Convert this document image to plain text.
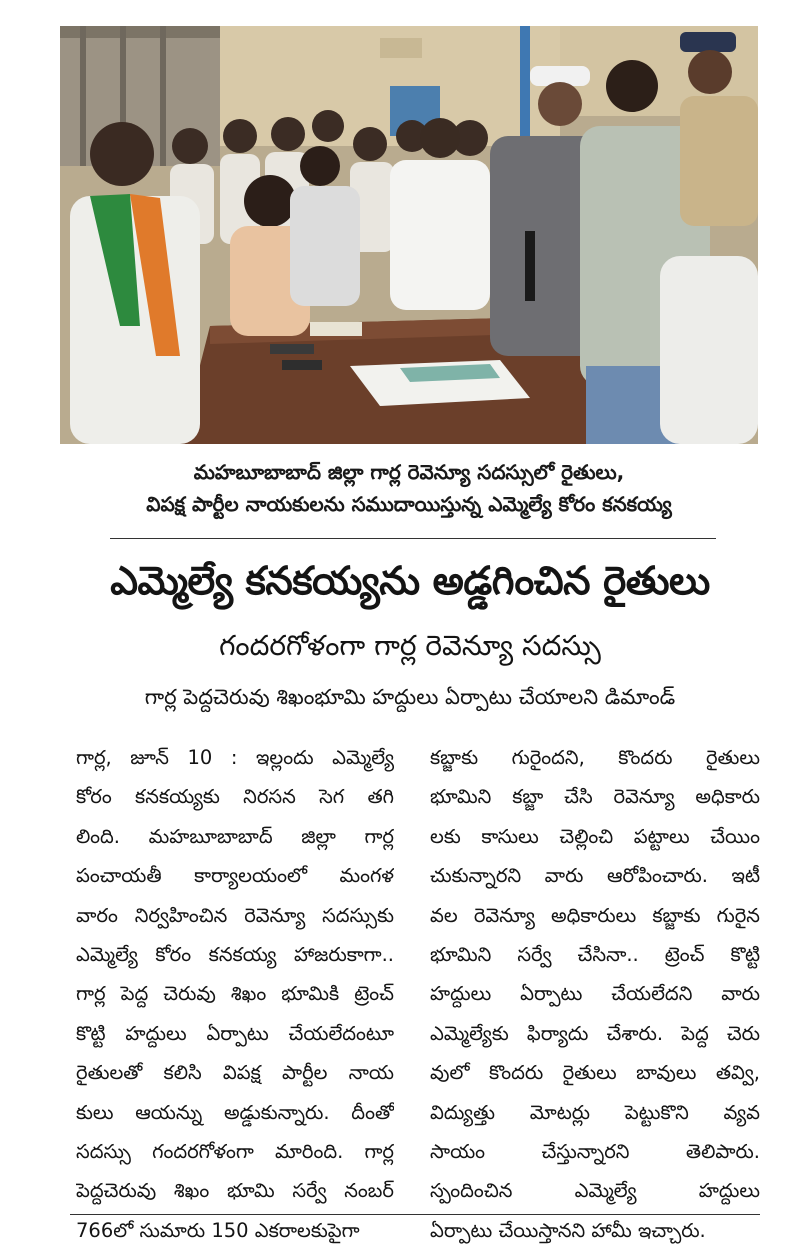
మహబూబాబాద్ జిల్లా గార్ల రెవెన్యూ సదస్సులో రైతులు,
విపక్ష పార్టీల నాయకులను సముదాయిస్తున్న ఎమ్మెల్యే కోరం కనకయ్య
ఎమ్మెల్యే కనకయ్యను అడ్డగించిన రైతులు
గందరగోళంగా గార్ల రెవెన్యూ సదస్సు
గార్ల పెద్దచెరువు శిఖంభూమి హద్దులు ఏర్పాటు చేయాలని డిమాండ్
గార్ల, జూన్ 10 : ఇల్లందు ఎమ్మెల్యే
కోరం కనకయ్యకు నిరసన సెగ తగి
లింది. మహబూబాబాద్ జిల్లా గార్ల
పంచాయతీ కార్యాలయంలో మంగళ
వారం నిర్వహించిన రెవెన్యూ సదస్సుకు
ఎమ్మెల్యే కోరం కనకయ్య హాజరుకాగా..
గార్ల పెద్ద చెరువు శిఖం భూమికి ట్రెంచ్
కొట్టి హద్దులు ఏర్పాటు చేయలేదంటూ
రైతులతో కలిసి విపక్ష పార్టీల నాయ
కులు ఆయన్ను అడ్డుకున్నారు. దీంతో
సదస్సు గందరగోళంగా మారింది. గార్ల
పెద్దచెరువు శిఖం భూమి సర్వే నంబర్
766లో సుమారు 150 ఎకరాలకుపైగా
కబ్జాకు గురైందని, కొందరు రైతులు
భూమిని కబ్జా చేసి రెవెన్యూ అధికారు
లకు కాసులు చెల్లించి పట్టాలు చేయిం
చుకున్నారని వారు ఆరోపించారు. ఇటీ
వల రెవెన్యూ అధికారులు కబ్జాకు గురైన
భూమిని సర్వే చేసినా.. ట్రెంచ్ కొట్టి
హద్దులు ఏర్పాటు చేయలేదని వారు
ఎమ్మెల్యేకు ఫిర్యాదు చేశారు. పెద్ద చెరు
వులో కొందరు రైతులు బావులు తవ్వి,
విద్యుత్తు మోటర్లు పెట్టుకొని వ్యవ
సాయం చేస్తున్నారని తెలిపారు.
స్పందించిన ఎమ్మెల్యే హద్దులు
ఏర్పాటు చేయిస్తానని హామీ ఇచ్చారు.
